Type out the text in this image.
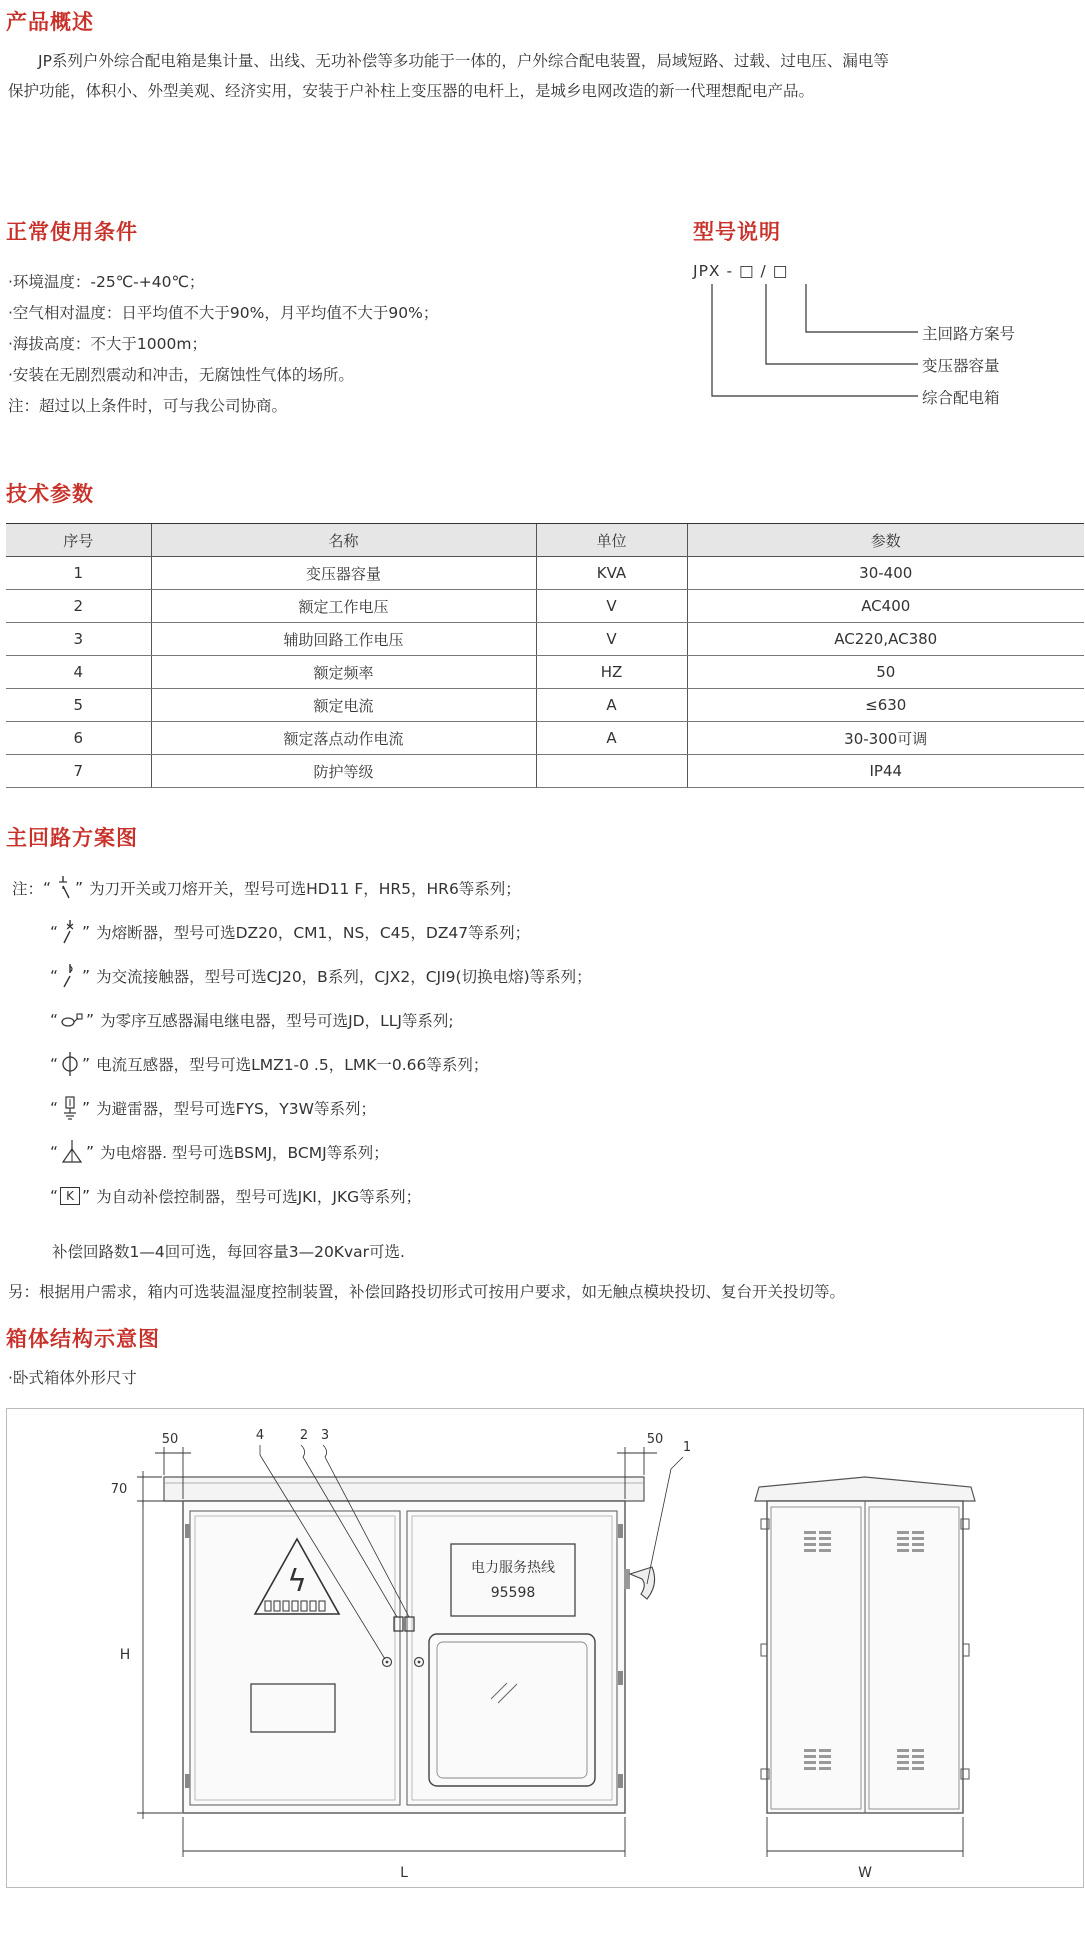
产品概述
JP系列户外综合配电箱是集计量、出线、无功补偿等多功能于一体的，户外综合配电装置，局域短路、过载、过电压、漏电等
保护功能，体积小、外型美观、经济实用，安装于户补柱上变压器的电杆上，是城乡电网改造的新一代理想配电产品。
正常使用条件
·环境温度：-25℃-+40℃；
·空气相对温度：日平均值不大于90%，月平均值不大于90%；
·海拔高度：不大于1000m；
·安装在无剧烈震动和冲击，无腐蚀性气体的场所。
注：超过以上条件时，可与我公司协商。
型号说明
JPX - □ / □
主回路方案号
变压器容量
综合配电箱
技术参数
序号	名称	单位	参数
1	变压器容量	KVA	30-400
2	额定工作电压	V	AC400
3	辅助回路工作电压	V	AC220,AC380
4	额定频率	HZ	50
5	额定电流	A	≤630
6	额定落点动作电流	A	30-300可调
7	防护等级		IP44
主回路方案图
注： “ ” 为刀开关或刀熔开关，型号可选HD11 F，HR5，HR6等系列；
“ ” 为熔断器，型号可选DZ20，CM1，NS，C45，DZ47等系列；
“ ” 为交流接触器，型号可选CJ20，B系列，CJX2，CJI9(切换电熔)等系列；
“ ” 为零序互感器漏电继电器，型号可选JD，LLJ等系列;
“ ” 电流互感器，型号可选LMZ1-0 .5，LMK一0.66等系列；
“ ” 为避雷器，型号可选FYS，Y3W等系列；
“ ” 为电熔器. 型号可选BSMJ，BCMJ等系列；
“ K ” 为自动补偿控制器，型号可选JKI，JKG等系列；
补偿回路数1—4回可选，每回容量3—20Kvar可选.
另：根据用户需求，箱内可选装温湿度控制装置，补偿回路投切形式可按用户要求，如无触点模块投切、复台开关投切等。
箱体结构示意图
·卧式箱体外形尺寸
ϟ	电力服务热线
95598
50	50
70
H
L
4	2 3
1
W
